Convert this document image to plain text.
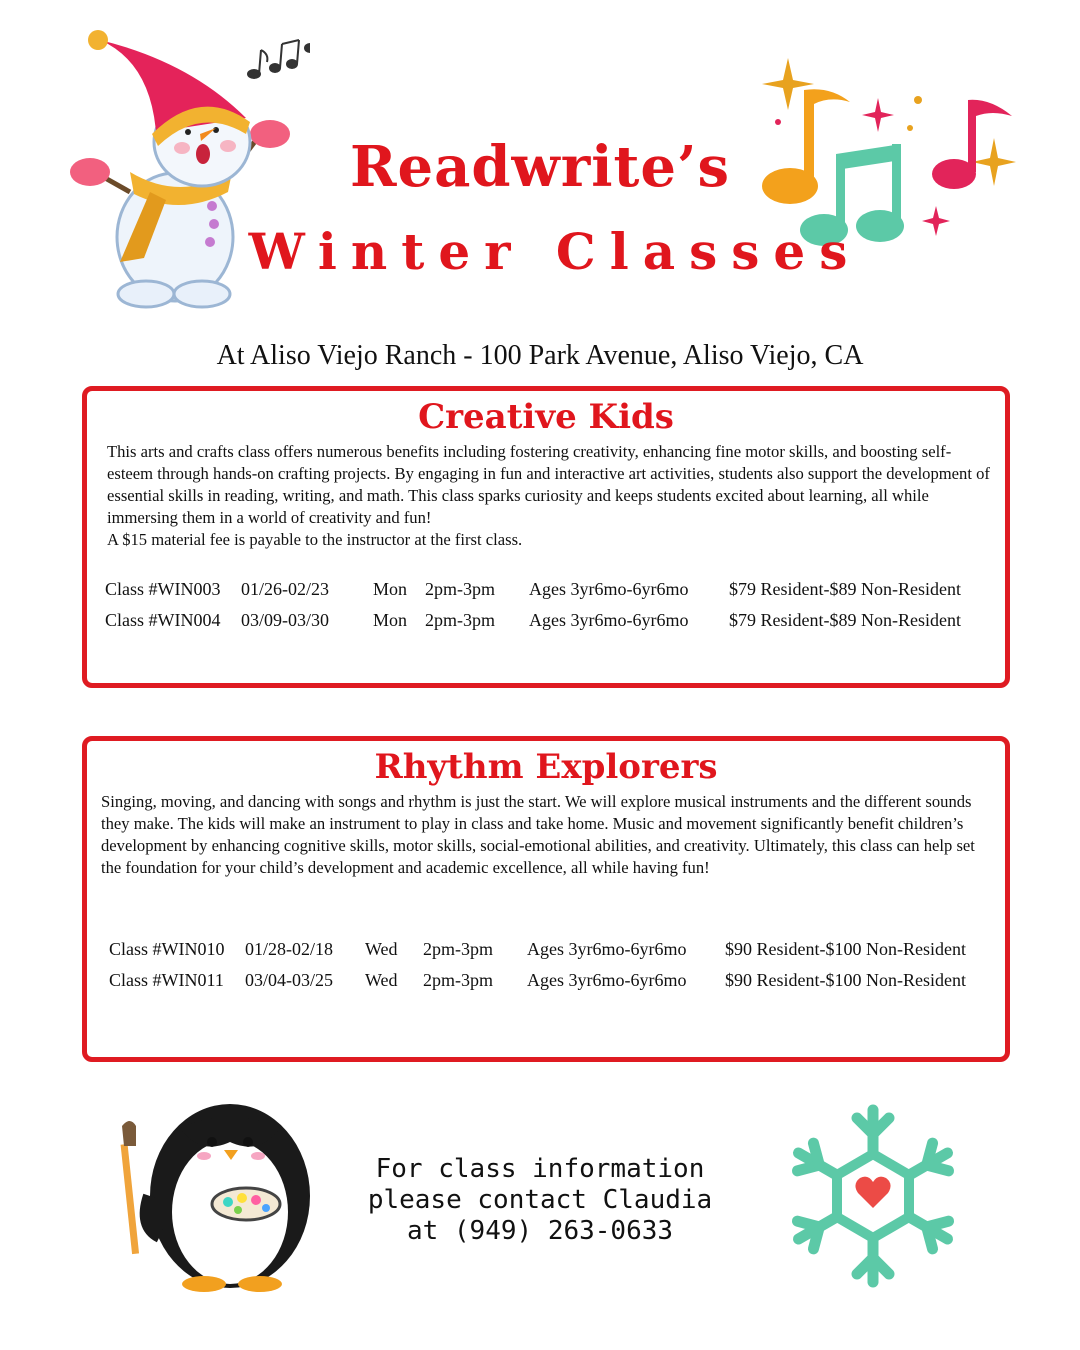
Readwrite’s
Winter Classes
At Aliso Viejo Ranch - 100 Park Avenue, Aliso Viejo, CA
Creative Kids

This arts and crafts class offers numerous benefits including fostering creativity, enhancing fine motor skills, and boosting self-esteem through hands-on crafting projects. By engaging in fun and interactive art activities, students also support the development of essential skills in reading, writing, and math. This class sparks curiosity and keeps students excited about learning, all while immersing them in a world of creativity and fun!

A $15 material fee is payable to the instructor at the first class.

Class #WIN003 01/26-02/23 Mon 2pm-3pm Ages 3yr6mo-6yr6mo $79 Resident-$89 Non-Resident
Class #WIN004 03/09-03/30 Mon 2pm-3pm Ages 3yr6mo-6yr6mo $79 Resident-$89 Non-Resident
Rhythm Explorers

Singing, moving, and dancing with songs and rhythm is just the start. We will explore musical instruments and the different sounds they make. The kids will make an instrument to play in class and take home. Music and movement significantly benefit children’s development by enhancing cognitive skills, motor skills, social-emotional abilities, and creativity. Ultimately, this class can help set the foundation for your child’s development and academic excellence, all while having fun!

Class #WIN010 01/28-02/18 Wed 2pm-3pm Ages 3yr6mo-6yr6mo $90 Resident-$100 Non-Resident
Class #WIN011 03/04-03/25 Wed 2pm-3pm Ages 3yr6mo-6yr6mo $90 Resident-$100 Non-Resident
For class information
please contact Claudia
at (949) 263-0633
